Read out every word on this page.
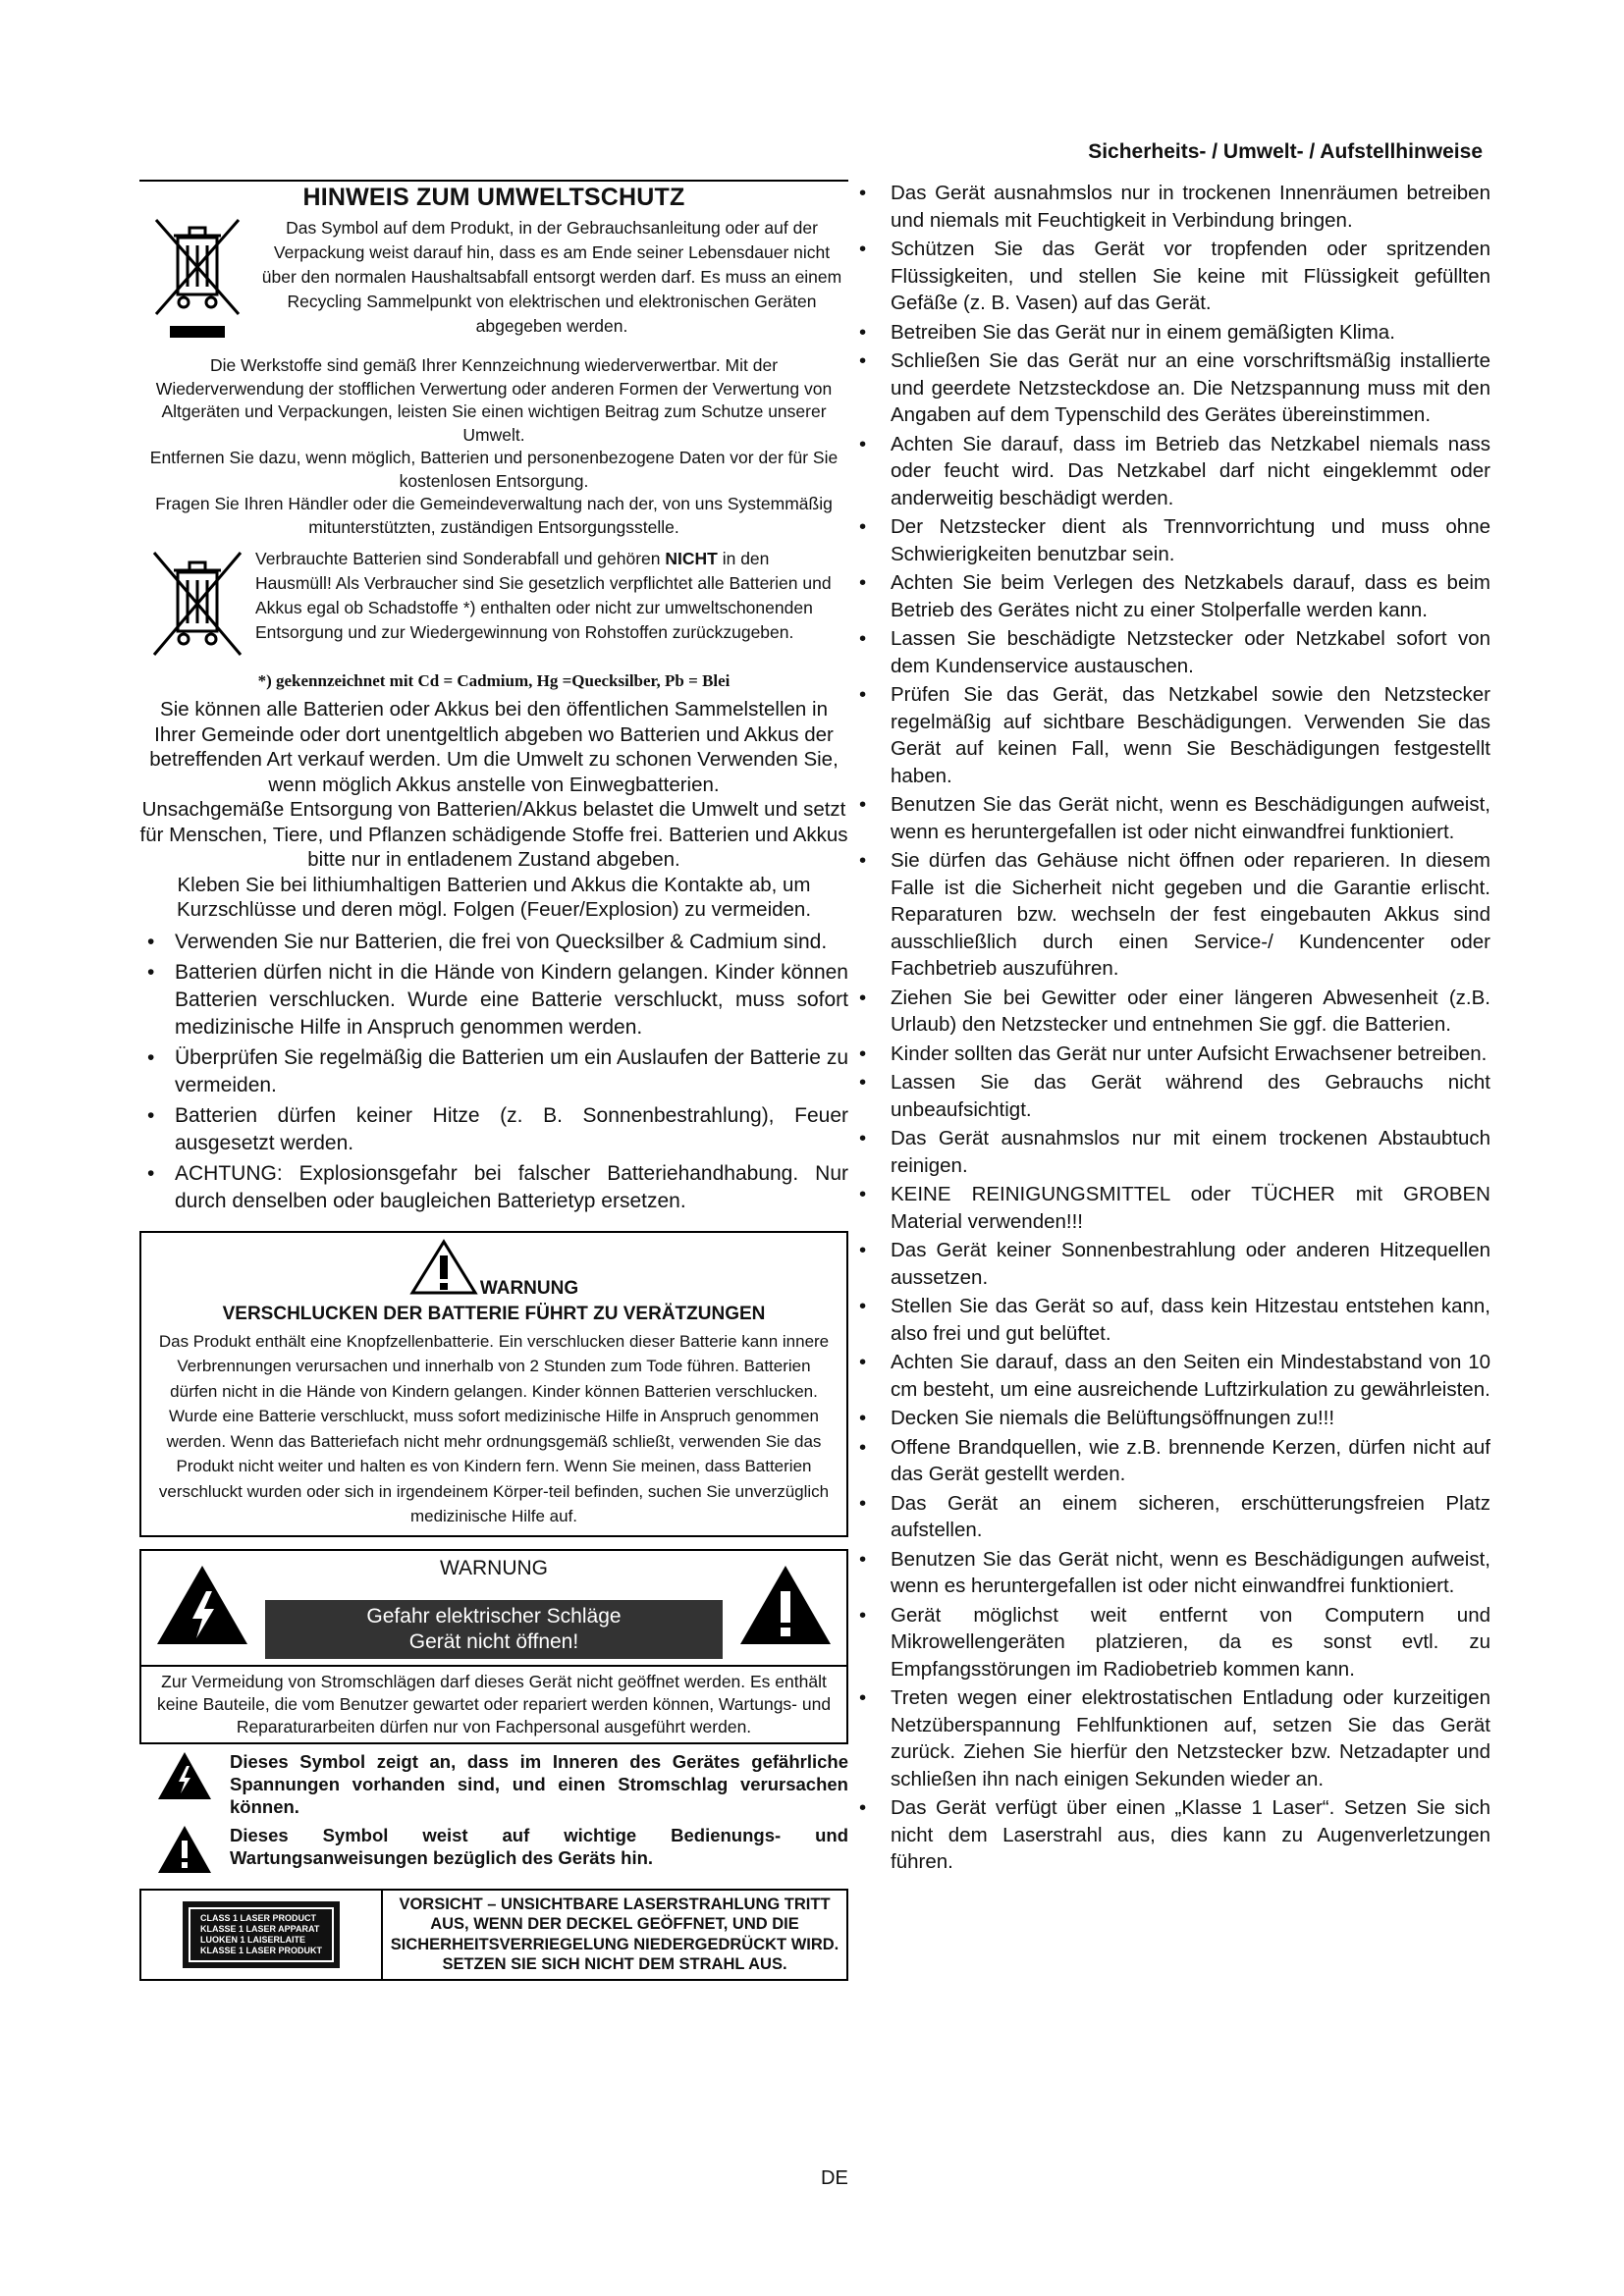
Sicherheits- / Umwelt- / Aufstellhinweise
HINWEIS ZUM UMWELTSCHUTZ
Das Symbol auf dem Produkt, in der Gebrauchsanleitung oder auf der Verpackung weist darauf hin, dass es am Ende seiner Lebensdauer nicht über den normalen Haushaltsabfall entsorgt werden darf. Es muss an einem Recycling Sammelpunkt von elektrischen und elektronischen Geräten abgegeben werden.
Die Werkstoffe sind gemäß Ihrer Kennzeichnung wiederverwertbar. Mit der Wiederverwendung der stofflichen Verwertung oder anderen Formen der Verwertung von Altgeräten und Verpackungen, leisten Sie einen wichtigen Beitrag zum Schutze unserer Umwelt.
Entfernen Sie dazu, wenn möglich, Batterien und personenbezogene Daten vor der für Sie kostenlosen Entsorgung.
Fragen Sie Ihren Händler oder die Gemeindeverwaltung nach der, von uns Systemmäßig mitunterstützten, zuständigen Entsorgungsstelle.
Verbrauchte Batterien sind Sonderabfall und gehören NICHT in den Hausmüll! Als Verbraucher sind Sie gesetzlich verpflichtet alle Batterien und Akkus egal ob Schadstoffe *) enthalten oder nicht zur umweltschonenden Entsorgung und zur Wiedergewinnung von Rohstoffen zurückzugeben.
*) gekennzeichnet mit Cd = Cadmium, Hg =Quecksilber, Pb = Blei
Sie können alle Batterien oder Akkus bei den öffentlichen Sammelstellen in Ihrer Gemeinde oder dort unentgeltlich abgeben wo Batterien und Akkus der betreffenden Art verkauf werden. Um die Umwelt zu schonen Verwenden Sie, wenn möglich Akkus anstelle von Einwegbatterien.
Unsachgemäße Entsorgung von Batterien/Akkus belastet die Umwelt und setzt für Menschen, Tiere, und Pflanzen schädigende Stoffe frei. Batterien und Akkus bitte nur in entladenem Zustand abgeben.
Kleben Sie bei lithiumhaltigen Batterien und Akkus die Kontakte ab, um Kurzschlüsse und deren mögl. Folgen (Feuer/Explosion) zu vermeiden.
• Verwenden Sie nur Batterien, die frei von Quecksilber & Cadmium sind.
• Batterien dürfen nicht in die Hände von Kindern gelangen. Kinder können Batterien verschlucken. Wurde eine Batterie verschluckt, muss sofort medizinische Hilfe in Anspruch genommen werden.
• Überprüfen Sie regelmäßig die Batterien um ein Auslaufen der Batterie zu vermeiden.
• Batterien dürfen keiner Hitze (z. B. Sonnenbestrahlung), Feuer ausgesetzt werden.
• ACHTUNG: Explosionsgefahr bei falscher Batteriehandhabung. Nur durch denselben oder baugleichen Batterietyp ersetzen.
WARNUNG
VERSCHLUCKEN DER BATTERIE FÜHRT ZU VERÄTZUNGEN
Das Produkt enthält eine Knopfzellenbatterie. Ein verschlucken dieser Batterie kann innere Verbrennungen verursachen und innerhalb von 2 Stunden zum Tode führen. Batterien dürfen nicht in die Hände von Kindern gelangen. Kinder können Batterien verschlucken. Wurde eine Batterie verschluckt, muss sofort medizinische Hilfe in Anspruch genommen werden. Wenn das Batteriefach nicht mehr ordnungsgemäß schließt, verwenden Sie das Produkt nicht weiter und halten es von Kindern fern. Wenn Sie meinen, dass Batterien verschluckt wurden oder sich in irgendeinem Körper-teil befinden, suchen Sie unverzüglich medizinische Hilfe auf.
WARNUNG
Gefahr elektrischer Schläge
Gerät nicht öffnen!
Zur Vermeidung von Stromschlägen darf dieses Gerät nicht geöffnet werden. Es enthält keine Bauteile, die vom Benutzer gewartet oder repariert werden können, Wartungs- und Reparaturarbeiten dürfen nur von Fachpersonal ausgeführt werden.
Dieses Symbol zeigt an, dass im Inneren des Gerätes gefährliche Spannungen vorhanden sind, und einen Stromschlag verursachen können.
Dieses Symbol weist auf wichtige Bedienungs- und Wartungsanweisungen bezüglich des Geräts hin.
CLASS 1 LASER PRODUCT
KLASSE 1 LASER APPARAT
LUOKEN 1 LAISERLAITE
KLASSE 1 LASER PRODUKT
VORSICHT – UNSICHTBARE LASERSTRAHLUNG TRITT AUS, WENN DER DECKEL GEÖFFNET, UND DIE SICHERHEITSVERRIEGELUNG NIEDERGEDRÜCKT WIRD. SETZEN SIE SICH NICHT DEM STRAHL AUS.
• Das Gerät ausnahmslos nur in trockenen Innenräumen betreiben und niemals mit Feuchtigkeit in Verbindung bringen.
• Schützen Sie das Gerät vor tropfenden oder spritzenden Flüssigkeiten, und stellen Sie keine mit Flüssigkeit gefüllten Gefäße (z. B. Vasen) auf das Gerät.
• Betreiben Sie das Gerät nur in einem gemäßigten Klima.
• Schließen Sie das Gerät nur an eine vorschriftsmäßig installierte und geerdete Netzsteckdose an. Die Netzspannung muss mit den Angaben auf dem Typenschild des Gerätes übereinstimmen.
• Achten Sie darauf, dass im Betrieb das Netzkabel niemals nass oder feucht wird. Das Netzkabel darf nicht eingeklemmt oder anderweitig beschädigt werden.
• Der Netzstecker dient als Trennvorrichtung und muss ohne Schwierigkeiten benutzbar sein.
• Achten Sie beim Verlegen des Netzkabels darauf, dass es beim Betrieb des Gerätes nicht zu einer Stolperfalle werden kann.
• Lassen Sie beschädigte Netzstecker oder Netzkabel sofort von dem Kundenservice austauschen.
• Prüfen Sie das Gerät, das Netzkabel sowie den Netzstecker regelmäßig auf sichtbare Beschädigungen. Verwenden Sie das Gerät auf keinen Fall, wenn Sie Beschädigungen festgestellt haben.
• Benutzen Sie das Gerät nicht, wenn es Beschädigungen aufweist, wenn es heruntergefallen ist oder nicht einwandfrei funktioniert.
• Sie dürfen das Gehäuse nicht öffnen oder reparieren. In diesem Falle ist die Sicherheit nicht gegeben und die Garantie erlischt. Reparaturen bzw. wechseln der fest eingebauten Akkus sind ausschließlich durch einen Service-/ Kundencenter oder Fachbetrieb auszuführen.
• Ziehen Sie bei Gewitter oder einer längeren Abwesenheit (z.B. Urlaub) den Netzstecker und entnehmen Sie ggf. die Batterien.
• Kinder sollten das Gerät nur unter Aufsicht Erwachsener betreiben.
• Lassen Sie das Gerät während des Gebrauchs nicht unbeaufsichtigt.
• Das Gerät ausnahmslos nur mit einem trockenen Abstaubtuch reinigen.
• KEINE REINIGUNGSMITTEL oder TÜCHER mit GROBEN Material verwenden!!!
• Das Gerät keiner Sonnenbestrahlung oder anderen Hitzequellen aussetzen.
• Stellen Sie das Gerät so auf, dass kein Hitzestau entstehen kann, also frei und gut belüftet.
• Achten Sie darauf, dass an den Seiten ein Mindestabstand von 10 cm besteht, um eine ausreichende Luftzirkulation zu gewährleisten.
• Decken Sie niemals die Belüftungsöffnungen zu!!!
• Offene Brandquellen, wie z.B. brennende Kerzen, dürfen nicht auf das Gerät gestellt werden.
• Das Gerät an einem sicheren, erschütterungsfreien Platz aufstellen.
• Benutzen Sie das Gerät nicht, wenn es Beschädigungen aufweist, wenn es heruntergefallen ist oder nicht einwandfrei funktioniert.
• Gerät möglichst weit entfernt von Computern und Mikrowellengeräten platzieren, da es sonst evtl. zu Empfangsstörungen im Radiobetrieb kommen kann.
• Treten wegen einer elektrostatischen Entladung oder kurzeitigen Netzüberspannung Fehlfunktionen auf, setzen Sie das Gerät zurück. Ziehen Sie hierfür den Netzstecker bzw. Netzadapter und schließen ihn nach einigen Sekunden wieder an.
• Das Gerät verfügt über einen „Klasse 1 Laser“. Setzen Sie sich nicht dem Laserstrahl aus, dies kann zu Augenverletzungen führen.
DE
